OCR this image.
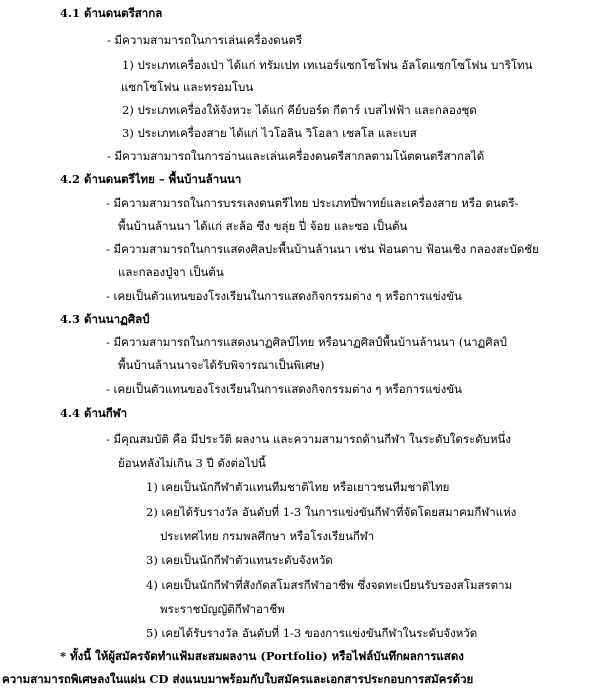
4.1 ด้านดนตรีสากล
- มีความสามารถในการเล่นเครื่องดนตรี
1) ประเภทเครื่องเป่า ได้แก่ ทรัมเปท เทเนอร์แซกโซโฟน อัลโตแซกโซโฟน บาริโทน
แซกโซโฟน และทรอมโบน
2) ประเภทเครื่องให้จังหวะ ได้แก่ คีย์บอร์ด กีตาร์ เบสไฟฟ้า และกลองชุด
3) ประเภทเครื่องสาย ได้แก่ ไวโอลิน วิโอลา เชลโล และเบส
- มีความสามารถในการอ่านและเล่นเครื่องดนตรีสากลตามโน้ตดนตรีสากลได้
4.2 ด้านดนตรีไทย – พื้นบ้านล้านนา
- มีความสามารถในการบรรเลงดนตรีไทย ประเภทปี่พาทย์และเครื่องสาย หรือ ดนตรี-
พื้นบ้านล้านนา ได้แก่ สะล้อ ซึง ขลุ่ย ปี่ จ้อย และซอ เป็นต้น
- มีความสามารถในการแสดงศิลปะพื้นบ้านล้านนา เช่น ฟ้อนดาบ ฟ้อนเชิง กลองสะบัดชัย
และกลองปู่จา เป็นต้น
- เคยเป็นตัวแทนของโรงเรียนในการแสดงกิจกรรมต่าง ๆ หรือการแข่งขัน
4.3 ด้านนาฏศิลป์
- มีความสามารถในการแสดงนาฏศิลป์ไทย หรือนาฏศิลป์พื้นบ้านล้านนา (นาฏศิลป์
พื้นบ้านล้านนาจะได้รับพิจารณาเป็นพิเศษ)
- เคยเป็นตัวแทนของโรงเรียนในการแสดงกิจกรรมต่าง ๆ หรือการแข่งขัน
4.4 ด้านกีฬา
- มีคุณสมบัติ คือ มีประวัติ ผลงาน และความสามารถด้านกีฬา ในระดับใดระดับหนึ่ง
ย้อนหลังไม่เกิน 3 ปี ดังต่อไปนี้
1) เคยเป็นนักกีฬาตัวแทนทีมชาติไทย หรือเยาวชนทีมชาติไทย
2) เคยได้รับรางวัล อันดับที่ 1-3 ในการแข่งขันกีฬาที่จัดโดยสมาคมกีฬาแห่ง
ประเทศไทย กรมพลศึกษา หรือโรงเรียนกีฬา
3) เคยเป็นนักกีฬาตัวแทนระดับจังหวัด
4) เคยเป็นนักกีฬาที่สังกัดสโมสรกีฬาอาชีพ ซึ่งจดทะเบียนรับรองสโมสรตาม
พระราชบัญญัติกีฬาอาชีพ
5) เคยได้รับรางวัล อันดับที่ 1-3 ของการแข่งขันกีฬาในระดับจังหวัด
* ทั้งนี้ ให้ผู้สมัครจัดทำแฟ้มสะสมผลงาน (Portfolio) หรือไฟล์บันทึกผลการแสดง
ความสามารถพิเศษลงในแผ่น CD ส่งแนบมาพร้อมกับใบสมัครและเอกสารประกอบการสมัครด้วย
